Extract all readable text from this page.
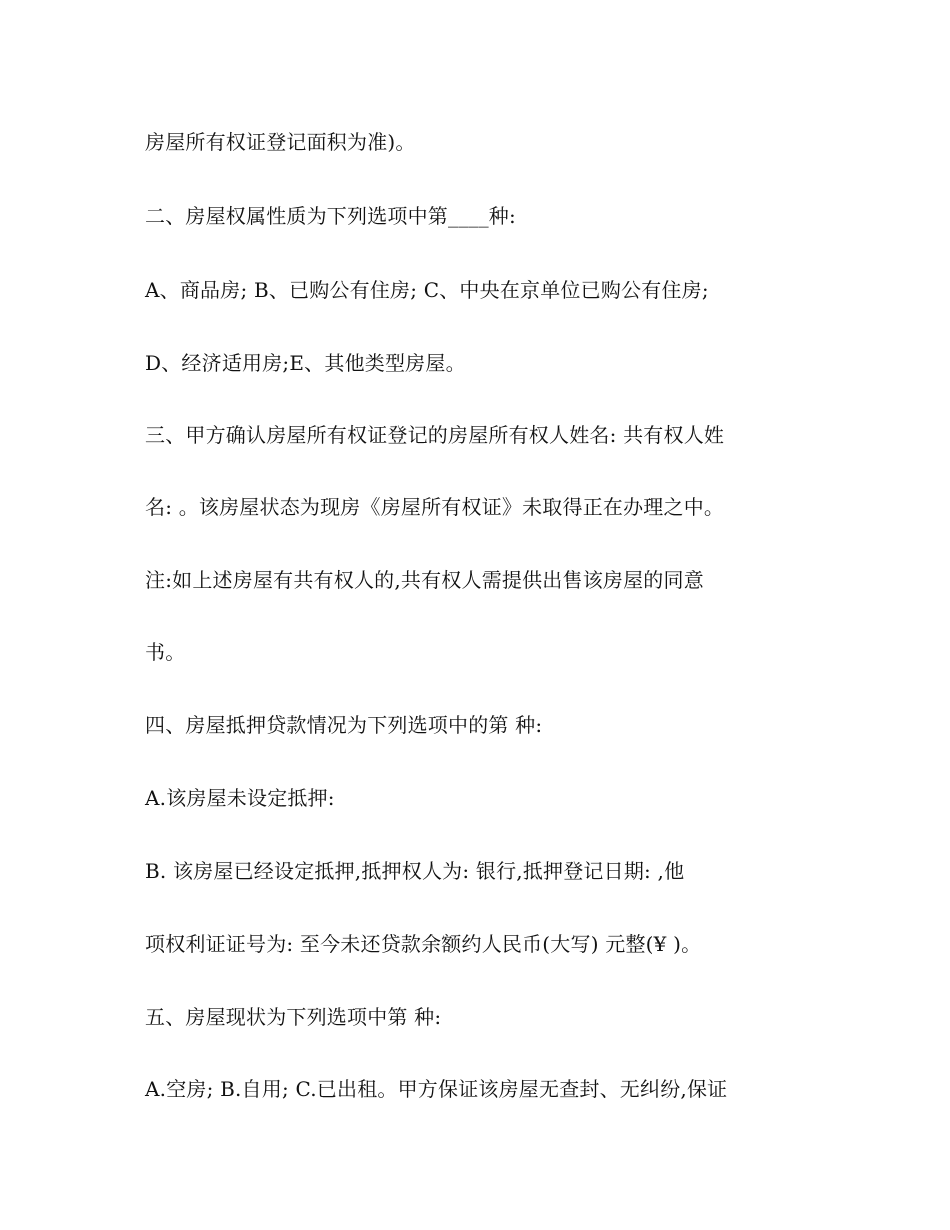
房屋所有权证登记面积为准)。
二、房屋权属性质为下列选项中第____种:
A、商品房; B、已购公有住房; C、中央在京单位已购公有住房;
D、经济适用房;E、其他类型房屋。
三、甲方确认房屋所有权证登记的房屋所有权人姓名: 共有权人姓
名: 。该房屋状态为现房《房屋所有权证》未取得正在办理之中。
注:如上述房屋有共有权人的,共有权人需提供出售该房屋的同意
书。
四、房屋抵押贷款情况为下列选项中的第 种:
A.该房屋未设定抵押:
B. 该房屋已经设定抵押,抵押权人为: 银行,抵押登记日期: ,他
项权利证证号为: 至今未还贷款余额约人民币(大写) 元整(¥ )。
五、房屋现状为下列选项中第 种:
A.空房; B.自用; C.已出租。甲方保证该房屋无查封、无纠纷,保证
